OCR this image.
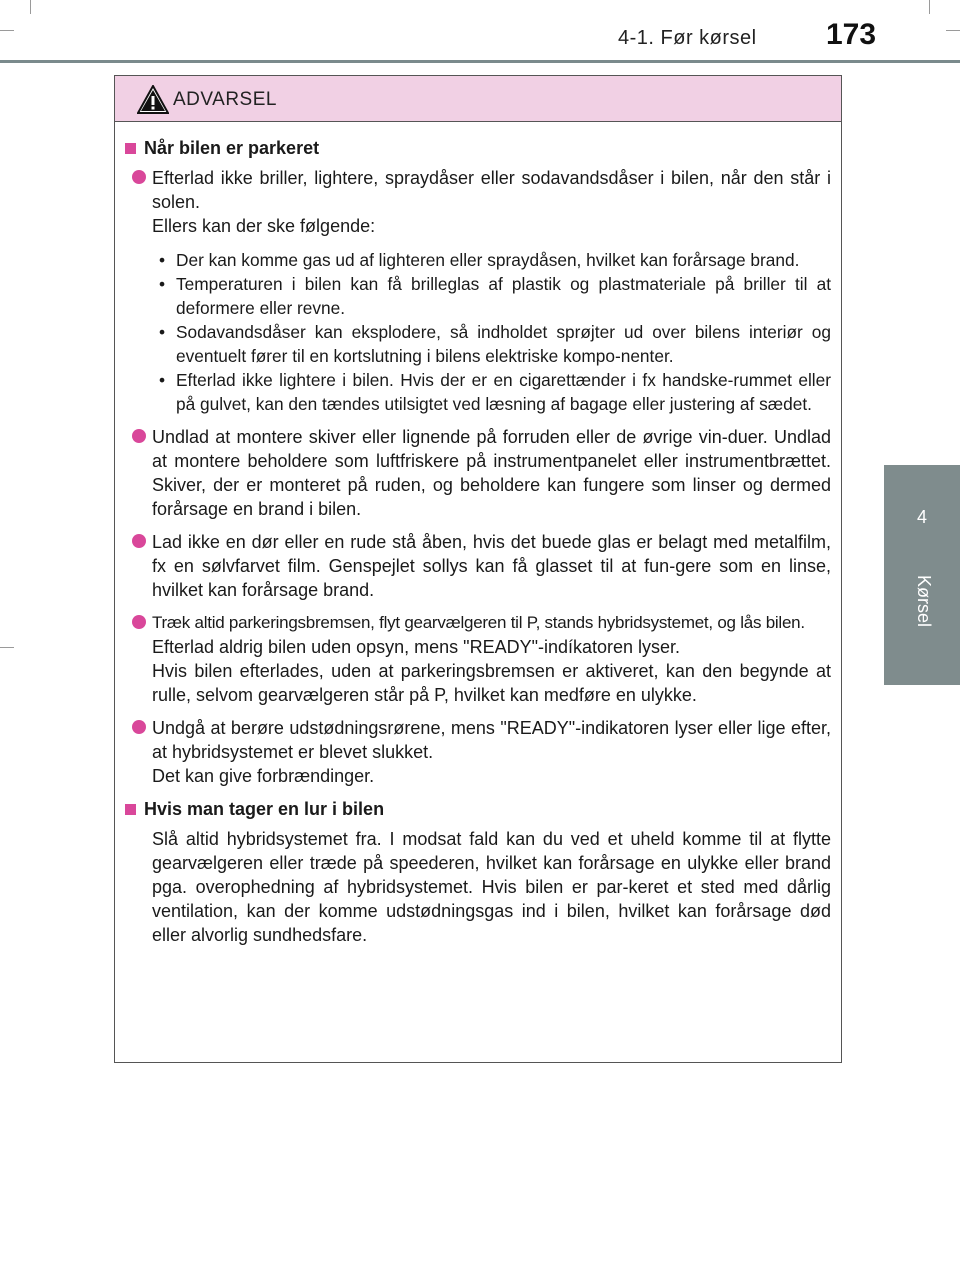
4-1. Før kørsel 173
4
Kørsel
ADVARSEL
Når bilen er parkeret

Efterlad ikke briller, lightere, spraydåser eller sodavandsdåser i bilen, når den står i solen.

Ellers kan der ske følgende:

• Der kan komme gas ud af lighteren eller spraydåsen, hvilket kan forårsage brand.
• Temperaturen i bilen kan få brilleglas af plastik og plastmateriale på briller til at deformere eller revne.
• Sodavandsdåser kan eksplodere, så indholdet sprøjter ud over bilens interiør og eventuelt fører til en kortslutning i bilens elektriske kompo-nenter.
• Efterlad ikke lightere i bilen. Hvis der er en cigarettænder i fx handske-rummet eller på gulvet, kan den tændes utilsigtet ved læsning af bagage eller justering af sædet.

Undlad at montere skiver eller lignende på forruden eller de øvrige vin-duer. Undlad at montere beholdere som luftfriskere på instrumentpanelet eller instrumentbrættet. Skiver, der er monteret på ruden, og beholdere kan fungere som linser og dermed forårsage en brand i bilen.

Lad ikke en dør eller en rude stå åben, hvis det buede glas er belagt med metalfilm, fx en sølvfarvet film. Genspejlet sollys kan få glasset til at fun-gere som en linse, hvilket kan forårsage brand.

Træk altid parkeringsbremsen, flyt gearvælgeren til P, stands hybridsystemet, og lås bilen.

Efterlad aldrig bilen uden opsyn, mens "READY"-indíkatoren lyser.

Hvis bilen efterlades, uden at parkeringsbremsen er aktiveret, kan den begynde at rulle, selvom gearvælgeren står på P, hvilket kan medføre en ulykke.

Undgå at berøre udstødningsrørene, mens "READY"-indikatoren lyser eller lige efter, at hybridsystemet er blevet slukket.

Det kan give forbrændinger.

Hvis man tager en lur i bilen
Slå altid hybridsystemet fra. I modsat fald kan du ved et uheld komme til at flytte gearvælgeren eller træde på speederen, hvilket kan forårsage en ulykke eller brand pga. overophedning af hybridsystemet. Hvis bilen er par-keret et sted med dårlig ventilation, kan der komme udstødningsgas ind i bilen, hvilket kan forårsage død eller alvorlig sundhedsfare.
